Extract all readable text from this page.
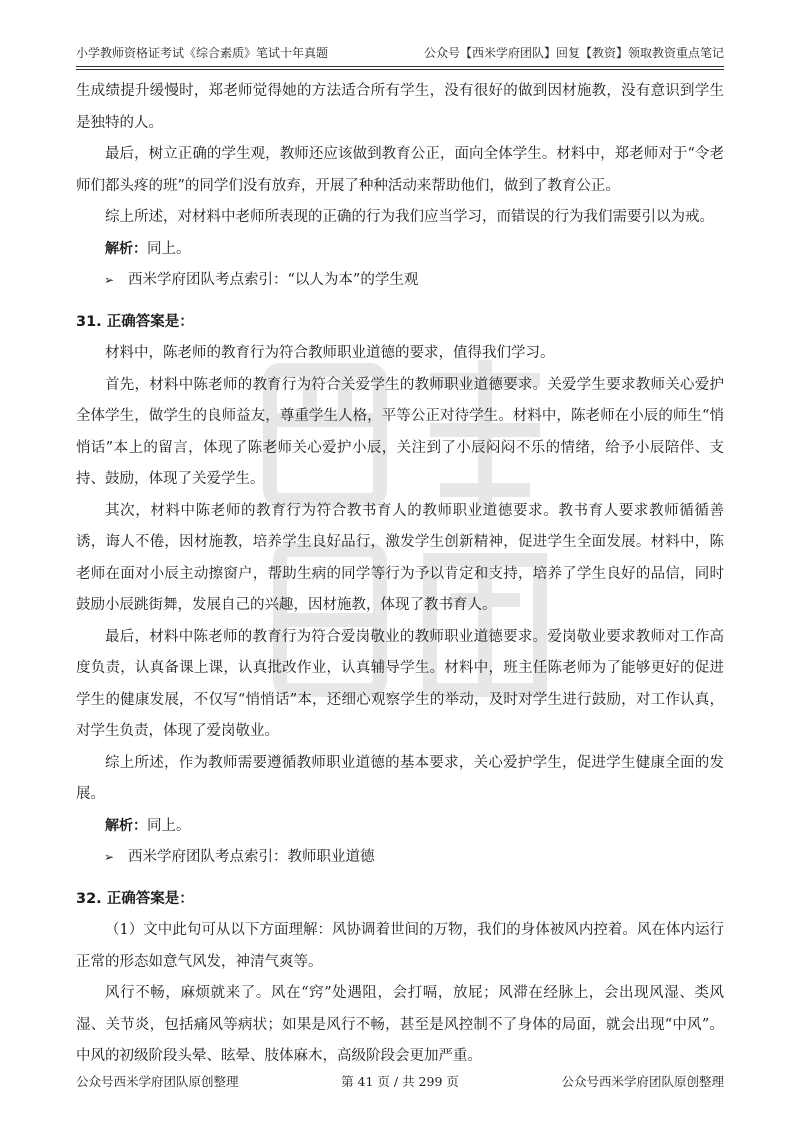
小学教师资格证考试《综合素质》笔试十年真题	公众号【西米学府团队】回复【教资】领取教资重点笔记

生成绩提升缓慢时，郑老师觉得她的方法适合所有学生，没有很好的做到因材施教，没有意识到学生是独特的人。

最后，树立正确的学生观，教师还应该做到教育公正，面向全体学生。材料中，郑老师对于“令老师们都头疼的班”的同学们没有放弃，开展了种种活动来帮助他们，做到了教育公正。

综上所述，对材料中老师所表现的正确的行为我们应当学习，而错误的行为我们需要引以为戒。

解析：同上。

➢ 西米学府团队考点索引：“以人为本”的学生观

31. 正确答案是：

材料中，陈老师的教育行为符合教师职业道德的要求，值得我们学习。

首先，材料中陈老师的教育行为符合关爱学生的教师职业道德要求。关爱学生要求教师关心爱护全体学生，做学生的良师益友，尊重学生人格，平等公正对待学生。材料中，陈老师在小辰的师生“悄悄话”本上的留言，体现了陈老师关心爱护小辰，关注到了小辰闷闷不乐的情绪，给予小辰陪伴、支持、鼓励，体现了关爱学生。

其次，材料中陈老师的教育行为符合教书育人的教师职业道德要求。教书育人要求教师循循善诱，诲人不倦，因材施教，培养学生良好品行，激发学生创新精神，促进学生全面发展。材料中，陈老师在面对小辰主动擦窗户，帮助生病的同学等行为予以肯定和支持，培养了学生良好的品信，同时鼓励小辰跳街舞，发展自己的兴趣，因材施教，体现了教书育人。

最后，材料中陈老师的教育行为符合爱岗敬业的教师职业道德要求。爱岗敬业要求教师对工作高度负责，认真备课上课，认真批改作业，认真辅导学生。材料中，班主任陈老师为了能够更好的促进学生的健康发展，不仅写“悄悄话”本，还细心观察学生的举动，及时对学生进行鼓励，对工作认真，对学生负责，体现了爱岗敬业。

综上所述，作为教师需要遵循教师职业道德的基本要求，关心爱护学生，促进学生健康全面的发展。

解析：同上。

➢ 西米学府团队考点索引：教师职业道德

32. 正确答案是：

（1）文中此句可从以下方面理解：风协调着世间的万物，我们的身体被风内控着。风在体内运行正常的形态如意气风发，神清气爽等。

风行不畅，麻烦就来了。风在“窍”处遇阻，会打嗝，放屁；风滞在经脉上，会出现风湿、类风湿、关节炎，包括痛风等病状；如果是风行不畅，甚至是风控制不了身体的局面，就会出现“中风”。中风的初级阶段头晕、眩晕、肢体麻木，高级阶段会更加严重。

公众号西米学府团队原创整理	第 41 页 / 共 299 页	公众号西米学府团队原创整理
